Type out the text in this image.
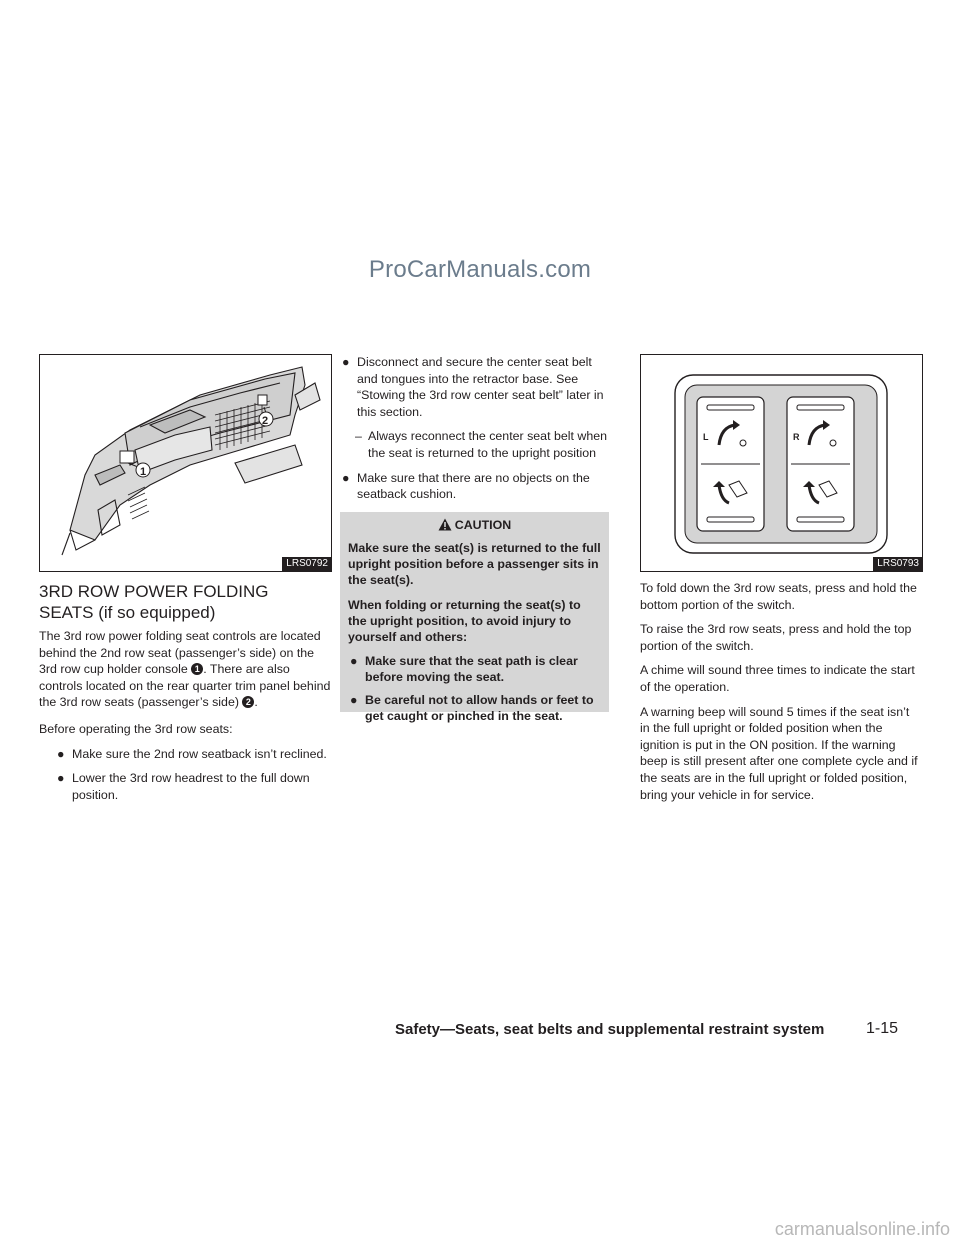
ProCarManuals.com
1
2
LRS0792
L	R
LRS0793
3RD ROW POWER FOLDING
SEATS (if so equipped)

The 3rd row power folding seat controls are located behind the 2nd row seat (passenger’s side) on the 3rd row cup holder console 1 . There are also controls located on the rear quarter trim panel behind the 3rd row seats (passenger’s side) 2 .

Before operating the 3rd row seats:

● Make sure the 2nd row seatback isn’t reclined.
● Lower the 3rd row headrest to the full down position.
● Disconnect and secure the center seat belt and tongues into the retractor base. See “Stowing the 3rd row center seat belt” later in this section.
– Always reconnect the center seat belt when the seat is returned to the upright position
● Make sure that there are no objects on the seatback cushion.
CAUTION

Make sure the seat(s) is returned to the full upright position before a passenger sits in the seat(s).

When folding or returning the seat(s) to the upright position, to avoid injury to yourself and others:

● Make sure that the seat path is clear before moving the seat.
● Be careful not to allow hands or feet to get caught or pinched in the seat.

To fold down the 3rd row seats, press and hold the bottom portion of the switch.

To raise the 3rd row seats, press and hold the top portion of the switch.

A chime will sound three times to indicate the start of the operation.

A warning beep will sound 5 times if the seat isn’t in the full upright or folded position when the ignition is put in the ON position. If the warning beep is still present after one complete cycle and if the seats are in the full upright or folded position, bring your vehicle in for service.

Safety—Seats, seat belts and supplemental restraint system	1-15
carmanualsonline.info
